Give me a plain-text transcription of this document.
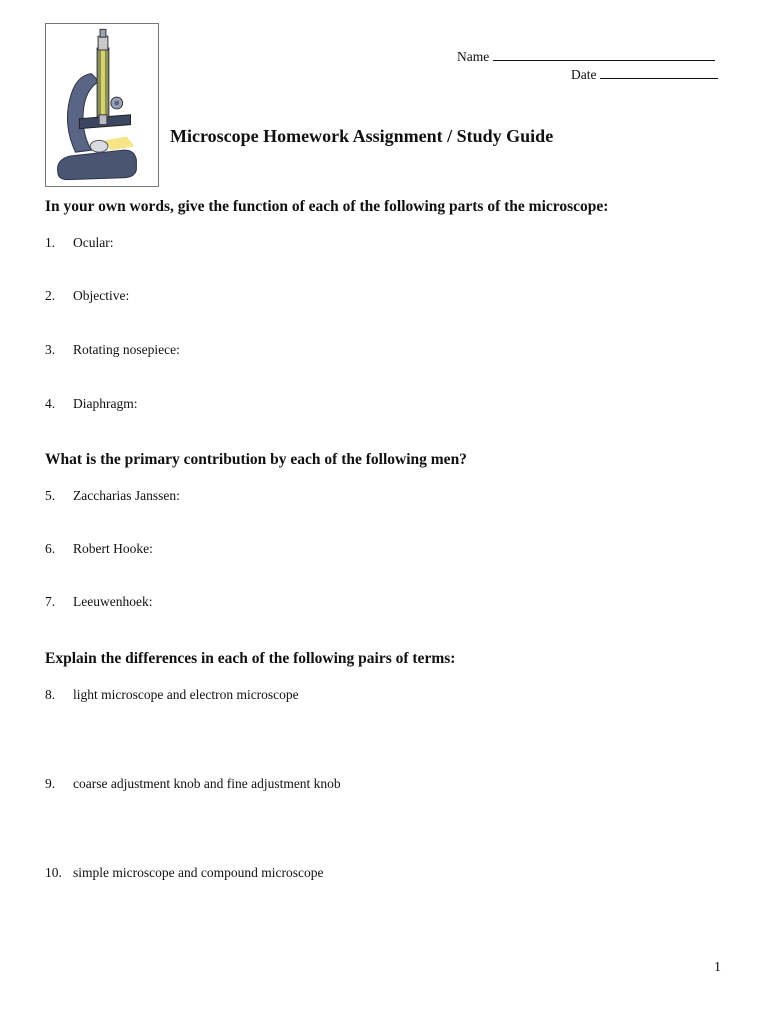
Name
Date
Microscope Homework Assignment / Study Guide
In your own words, give the function of each of the following parts of the microscope:
1. Ocular:
2. Objective:
3. Rotating nosepiece:
4. Diaphragm:
What is the primary contribution by each of the following men?
5. Zaccharias Janssen:
6. Robert Hooke:
7. Leeuwenhoek:
Explain the differences in each of the following pairs of terms:
8. light microscope and electron microscope
9. coarse adjustment knob and fine adjustment knob
10. simple microscope and compound microscope
1
